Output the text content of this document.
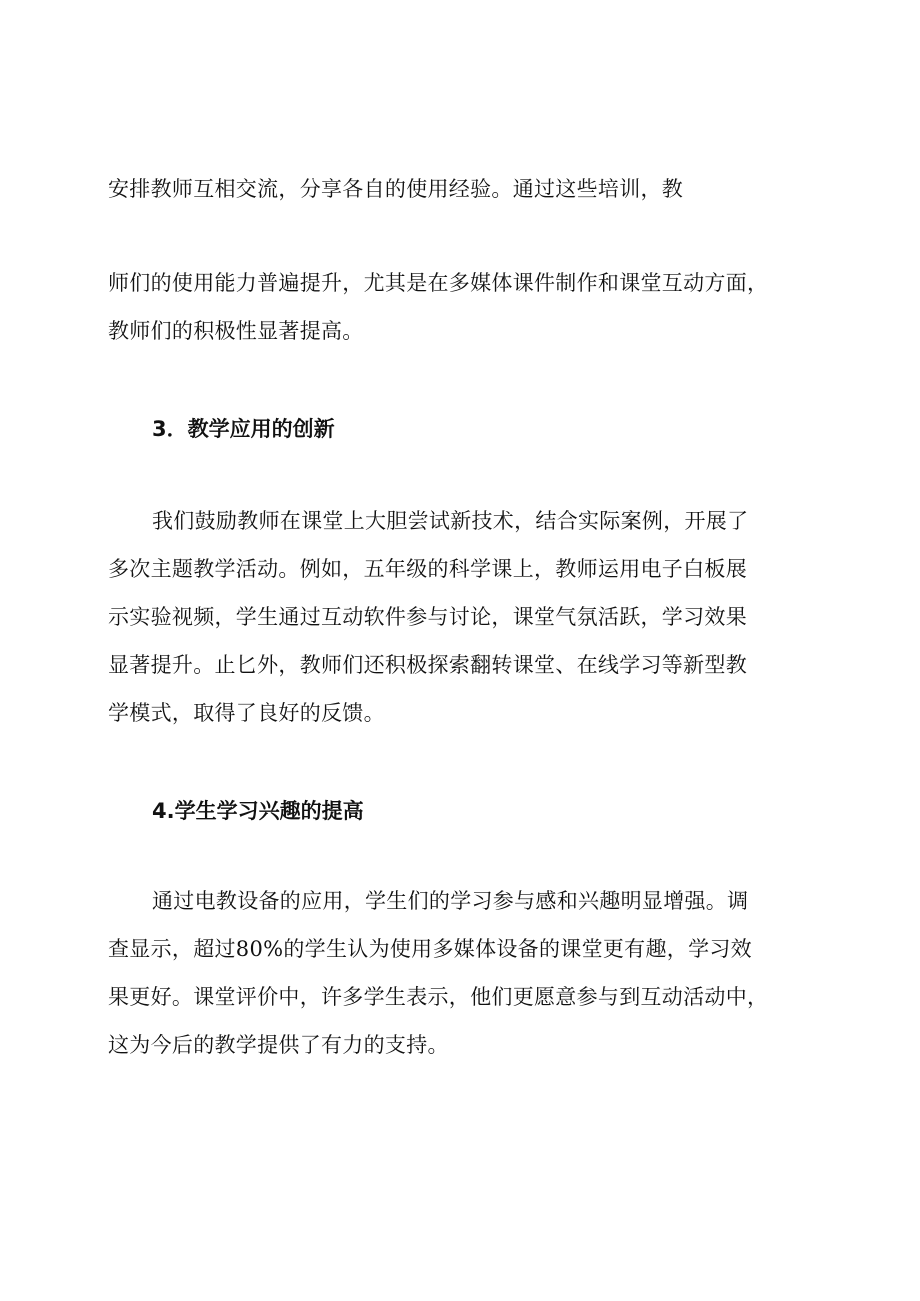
安排教师互相交流，分享各自的使用经验。通过这些培训，教
师们的使用能力普遍提升，尤其是在多媒体课件制作和课堂互动方面，
教师们的积极性显著提高。
3．教学应用的创新
我们鼓励教师在课堂上大胆尝试新技术，结合实际案例，开展了
多次主题教学活动。例如，五年级的科学课上，教师运用电子白板展
示实验视频，学生通过互动软件参与讨论，课堂气氛活跃，学习效果
显著提升。止匕外，教师们还积极探索翻转课堂、在线学习等新型教
学模式，取得了良好的反馈。
4.学生学习兴趣的提高
通过电教设备的应用，学生们的学习参与感和兴趣明显增强。调
查显示，超过80%的学生认为使用多媒体设备的课堂更有趣，学习效
果更好。课堂评价中，许多学生表示，他们更愿意参与到互动活动中，
这为今后的教学提供了有力的支持。
